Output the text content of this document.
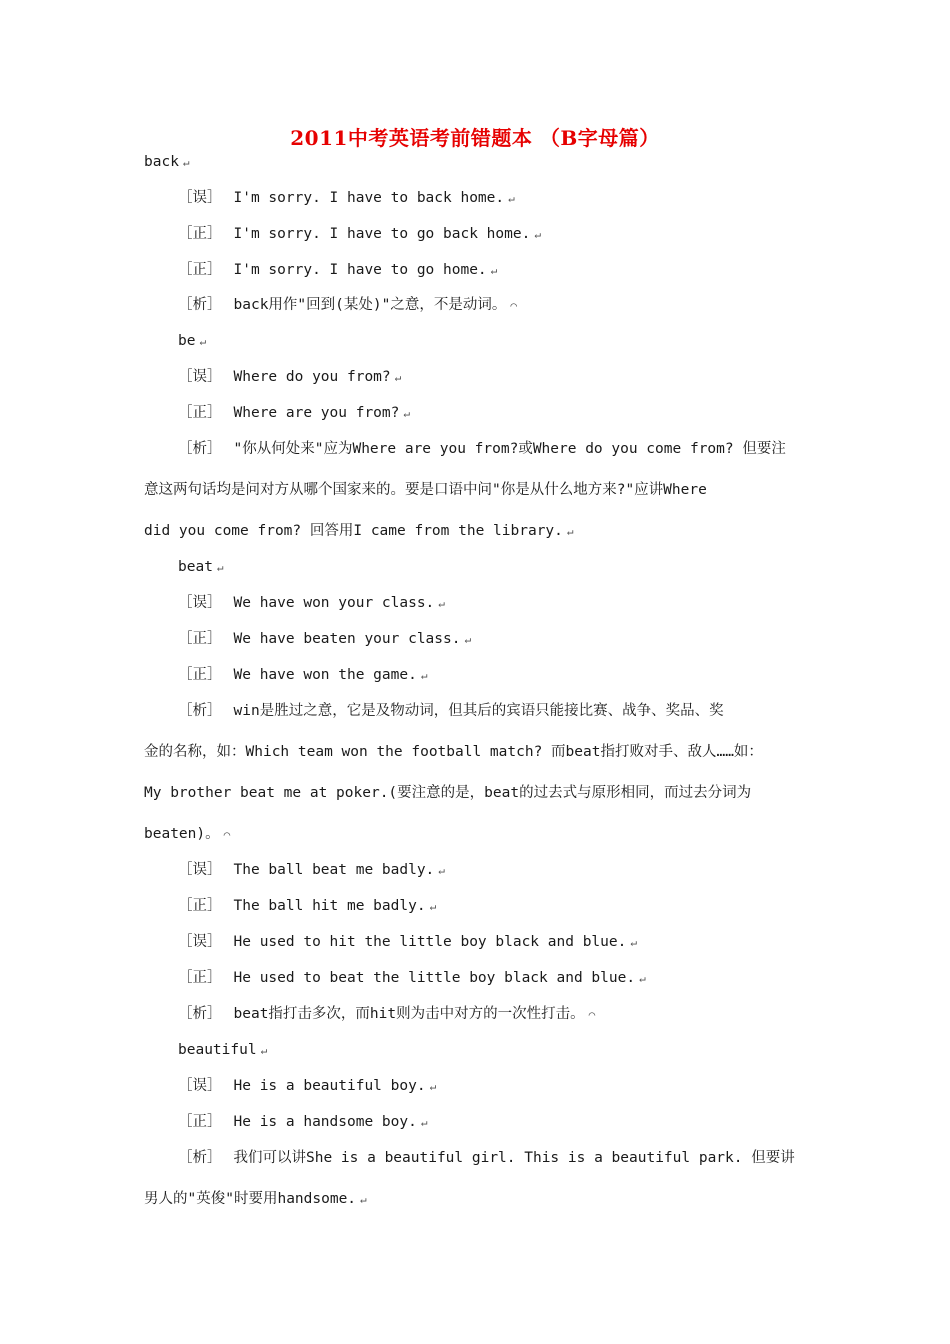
2011中考英语考前错题本 （B字母篇）
back ↵
［误］ I'm sorry. I have to back home. ↵
［正］ I'm sorry. I have to go back home. ↵
［正］ I'm sorry. I have to go home. ↵
［析］ back用作"回到(某处)"之意，不是动词。 ⌒
be ↵
［误］ Where do you from? ↵
［正］ Where are you from? ↵
［析］ "你从何处来"应为Where are you from?或Where do you come from? 但要注
意这两句话均是问对方从哪个国家来的。要是口语中问"你是从什么地方来?"应讲Where
did you come from? 回答用I came from the library. ↵
beat ↵
［误］ We have won your class. ↵
［正］ We have beaten your class. ↵
［正］ We have won the game. ↵
［析］ win是胜过之意，它是及物动词，但其后的宾语只能接比赛、战争、奖品、奖
金的名称，如：Which team won the football match? 而beat指打败对手、敌人……如：
My brother beat me at poker.(要注意的是，beat的过去式与原形相同，而过去分词为
beaten)。 ⌒
［误］ The ball beat me badly. ↵
［正］ The ball hit me badly. ↵
［误］ He used to hit the little boy black and blue. ↵
［正］ He used to beat the little boy black and blue. ↵
［析］ beat指打击多次，而hit则为击中对方的一次性打击。 ⌒
beautiful ↵
［误］ He is a beautiful boy. ↵
［正］ He is a handsome boy. ↵
［析］ 我们可以讲She is a beautiful girl. This is a beautiful park. 但要讲
男人的"英俊"时要用handsome. ↵
